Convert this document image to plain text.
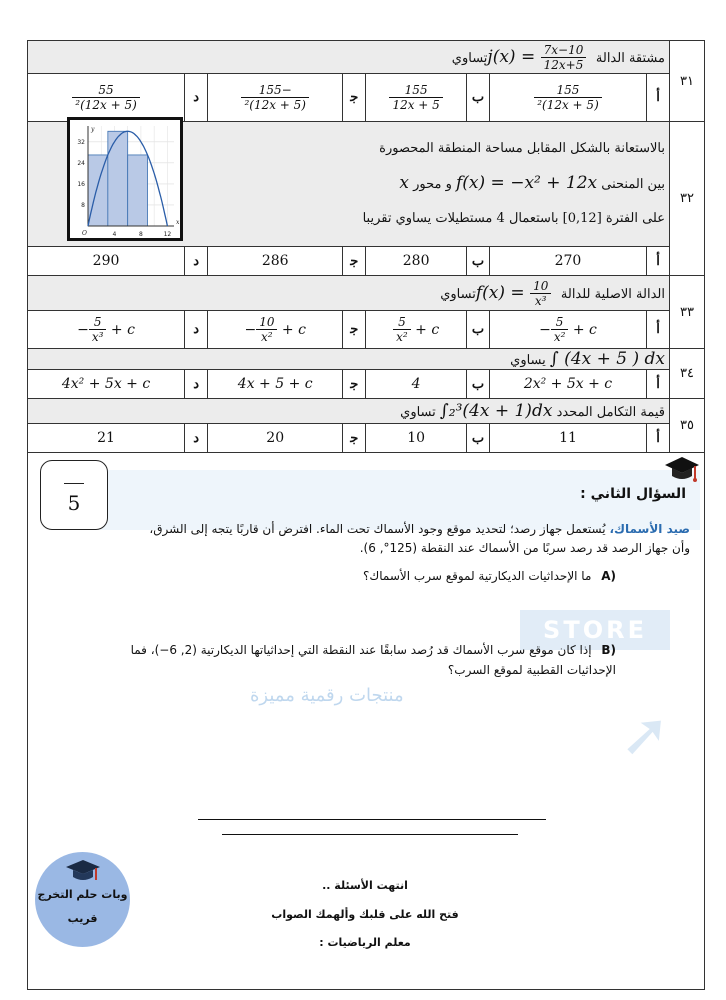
STORE
منتجات رقمية مميزة
➚
٣١	مشتقة الدالة $j(x) = \frac{7x-10}{12x+5}$
تساوي							
	أ	$\frac{155}{\text{(12x + 5)²}}$	ب	$\frac{155}{12x + 5}$	ﺟ	$\frac{-155}{\text{(12x + 5)²}}$	د	$\frac{55}{\text{(12x + 5)²}}$

٣٢	بالاستعانة بالشكل المقابل مساحة المنطقة المحصورة
بين المنحنى f(x) = −x² + 12x و محور x
على الفترة [0,12] باستعمال 4 مستطيلات يساوي تقريبا							

	أ	270	ب	280	ﺟ	286	د	290
٣٣	الدالة الاصلية للدالة $f(x) = \frac{10}{\text{x³}}$
تساوي							
	أ	− $\frac{5}{\text{x²}} + c$	ب	$\frac{5}{\text{x²}} + c$	ﺟ	− $\frac{10}{\text{x²}} + c$	د	− $\frac{5}{\text{x³}} + c$
٣٤	∫ (4x + 5 ) dx يساوي							
	أ	2x² + 5x + c	ب	4	ﺟ	4x + 5 + c	د	4x² + 5x + c
٣٥	قيمة التكامل المحدد ∫₂³(4x + 1)dx تساوي							
	أ	11	ب	10	ﺟ	20	د	21
4	8	12
8
16
24
32
O
x
y
5	السؤال الثاني :
صيد الأسماك، يُستعمل جهاز رصد؛ لتحديد موقع وجود الأسماك تحت الماء. افترض أن قاربًا يتجه إلى الشرق، وأن جهاز الرصد قد رصد سربًا من الأسماك عند النقطة (125°, 6).
(A ما الإحداثيات الديكارتية لموقع سرب الأسماك؟
(B إذا كان موقع سرب الأسماك قد رُصد سابقًا عند النقطة التي إحداثياتها الديكارتية (2, 6−)، فما الإحداثيات القطبية لموقع السرب؟
انتهت الأسئلة ..
فتح الله على قلبك وألهمك الصواب
معلم الرياضيات :
وبات حلم التخرج
قريب
